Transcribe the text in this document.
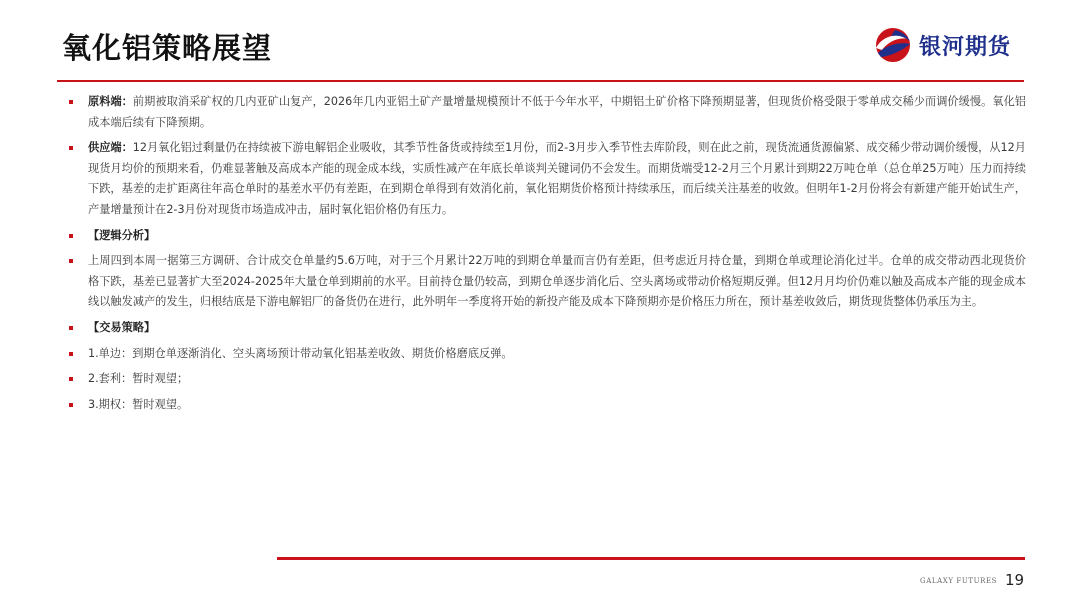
氧化铝策略展望	银河期货

原料端：前期被取消采矿权的几内亚矿山复产，2026年几内亚铝土矿产量增量规模预计不低于今年水平，中期铝土矿价格下降预期显著，但现货价格受限于零单成交稀少而调价缓慢。氧化铝成本端后续有下降预期。

供应端：12月氧化铝过剩量仍在持续被下游电解铝企业吸收，其季节性备货或持续至1月份，而2-3月步入季节性去库阶段，则在此之前，现货流通货源偏紧、成交稀少带动调价缓慢，从12月现货月均价的预期来看，仍难显著触及高成本产能的现金成本线，实质性减产在年底长单谈判关键词仍不会发生。而期货端受12-2月三个月累计到期22万吨仓单（总仓单25万吨）压力而持续下跌，基差的走扩距离往年高仓单时的基差水平仍有差距，在到期仓单得到有效消化前，氧化铝期货价格预计持续承压，而后续关注基差的收敛。但明年1-2月份将会有新建产能开始试生产，产量增量预计在2-3月份对现货市场造成冲击，届时氧化铝价格仍有压力。

【逻辑分析】

上周四到本周一据第三方调研、合计成交仓单量约5.6万吨，对于三个月累计22万吨的到期仓单量而言仍有差距，但考虑近月持仓量，到期仓单或理论消化过半。仓单的成交带动西北现货价格下跌，基差已显著扩大至2024-2025年大量仓单到期前的水平。目前持仓量仍较高，到期仓单逐步消化后、空头离场或带动价格短期反弹。但12月月均价仍难以触及高成本产能的现金成本线以触发减产的发生，归根结底是下游电解铝厂的备货仍在进行，此外明年一季度将开始的新投产能及成本下降预期亦是价格压力所在，预计基差收敛后，期货现货整体仍承压为主。

【交易策略】

1.单边：到期仓单逐渐消化、空头离场预计带动氧化铝基差收敛、期货价格磨底反弹。

2.套利：暂时观望；

3.期权：暂时观望。

GALAXY FUTURES 19
